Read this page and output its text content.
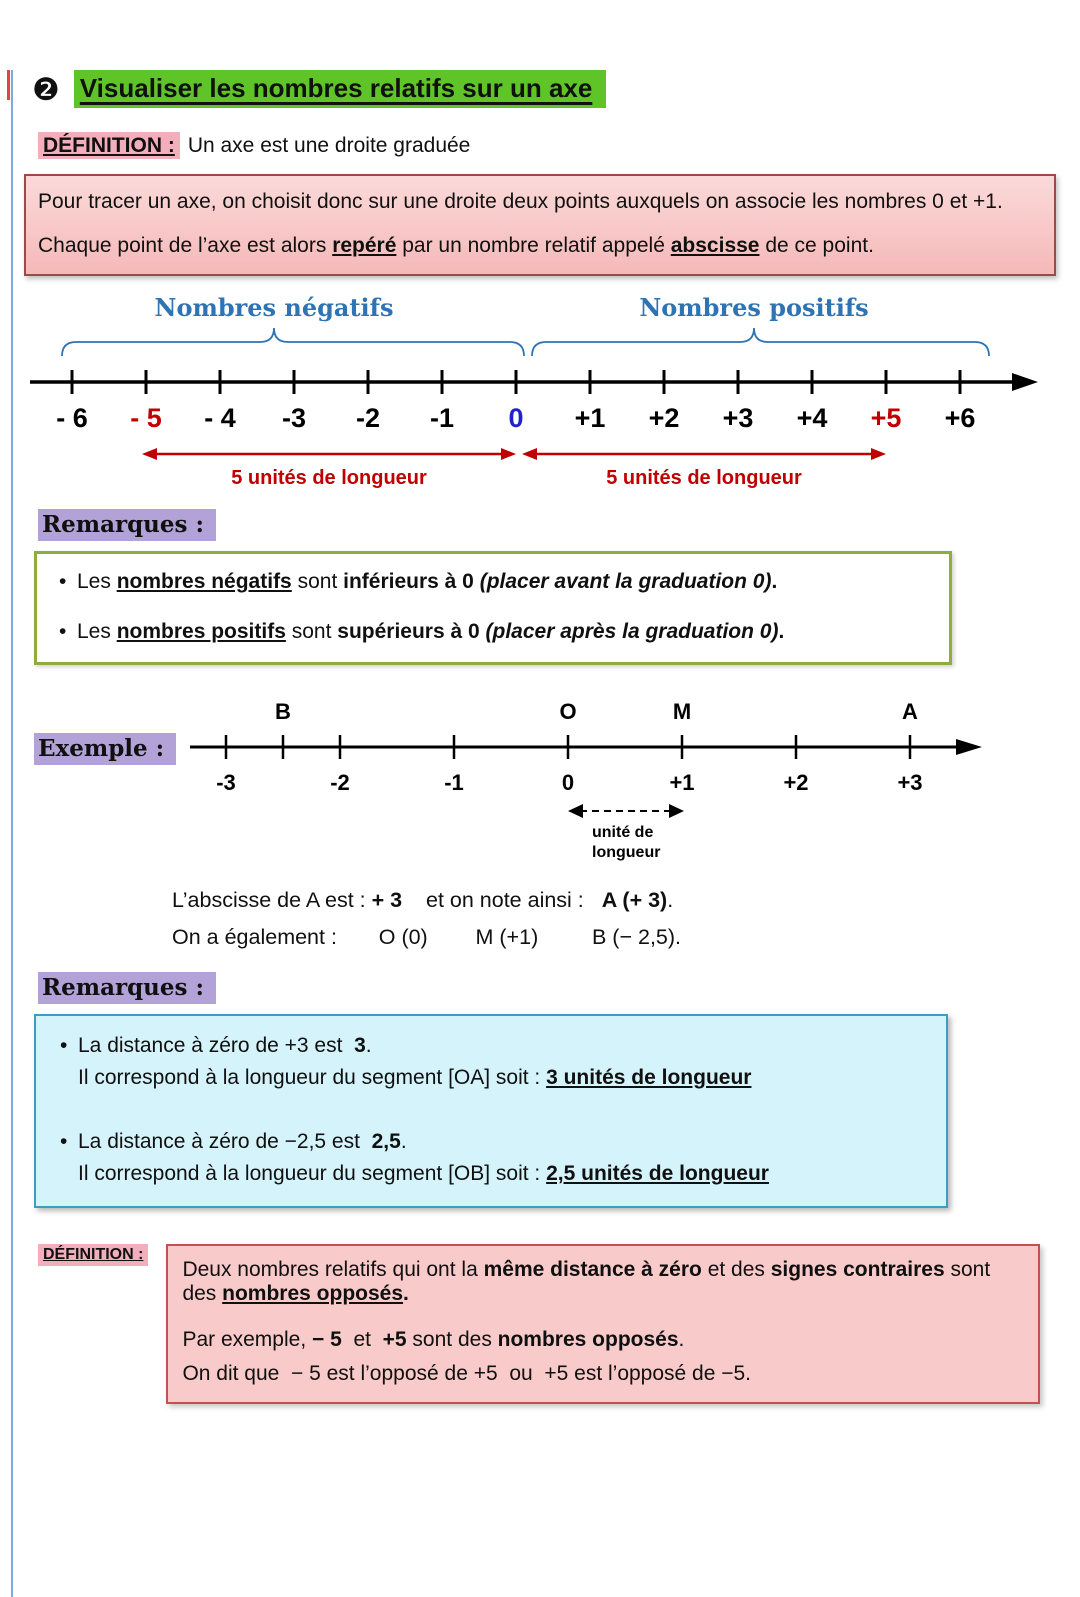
❷ Visualiser les nombres relatifs sur un axe
DÉFINITION : Un axe est une droite graduée

Pour tracer un axe, on choisit donc sur une droite deux points auxquels on associe les nombres 0 et +1.

Chaque point de l’axe est alors repéré par un nombre relatif appelé abscisse de ce point.

Nombres négatifs	Nombres positifs
- 6 - 5 - 4 -3 -2 -1 0 +1 +2 +3 +4 +5 +6
5 unités de longueur	5 unités de longueur
Remarques :

• Les nombres négatifs sont inférieurs à 0 (placer avant la graduation 0).

• Les nombres positifs sont supérieurs à 0 (placer après la graduation 0).

Exemple :
B	O	M	A
-3	-2	-1	0	+1	+2	+3
unité de
longueur
L’abscisse de A est : + 3    et on note ainsi :   A (+ 3).
On a également :       O (0)        M (+1)         B (− 2,5).
Remarques :

• La distance à zéro de +3 est  3.

Il correspond à la longueur du segment [OA] soit : 3 unités de longueur

• La distance à zéro de −2,5 est  2,5.

Il correspond à la longueur du segment [OB] soit : 2,5 unités de longueur

DÉFINITION :

Deux nombres relatifs qui ont la même distance à zéro et des signes contraires sont des nombres opposés.

Par exemple, − 5  et  +5 sont des nombres opposés.

On dit que  − 5 est l’opposé de +5  ou  +5 est l’opposé de −5.
